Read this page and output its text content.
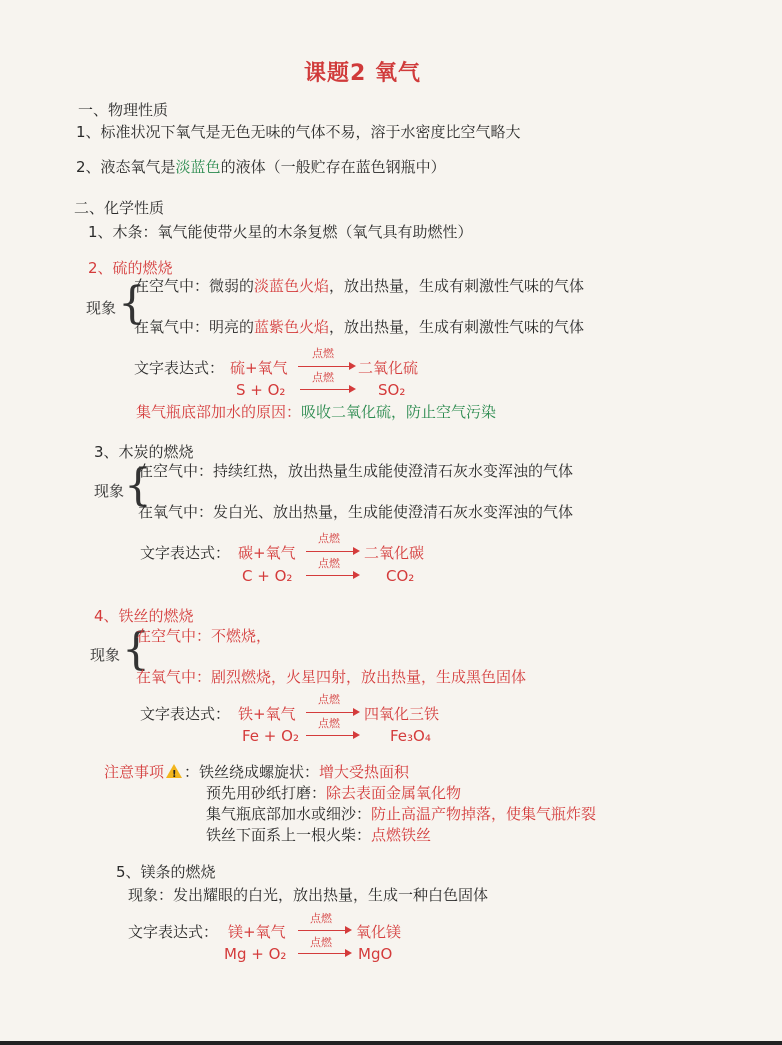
课题2 氧气
一、物理性质
1、标准状况下氧气是无色无味的气体不易，溶于水密度比空气略大
2、液态氧气是淡蓝色的液体（一般贮存在蓝色钢瓶中）
二、化学性质
1、木条：氧气能使带火星的木条复燃（氧气具有助燃性）
2、硫的燃烧
现象 {
在空气中：微弱的淡蓝色火焰，放出热量，生成有刺激性气味的气体
在氧气中：明亮的蓝紫色火焰，放出热量，生成有刺激性气味的气体
文字表达式： 硫+氧气
点燃
二氧化硫
S + O₂
点燃
SO₂
集气瓶底部加水的原因：吸收二氧化硫，防止空气污染
3、木炭的燃烧
现象 {
在空气中：持续红热，放出热量生成能使澄清石灰水变浑浊的气体
在氧气中：发白光、放出热量，生成能使澄清石灰水变浑浊的气体
文字表达式： 碳+氧气
点燃
二氧化碳
C + O₂
点燃
CO₂
4、铁丝的燃烧
现象 {
在空气中：不燃烧，
在氧气中：剧烈燃烧，火星四射，放出热量，生成黑色固体
文字表达式： 铁+氧气
点燃
四氧化三铁
Fe + O₂
点燃
Fe₃O₄
注意事项! ：铁丝绕成螺旋状：增大受热面积
预先用砂纸打磨：除去表面金属氧化物
集气瓶底部加水或细沙：防止高温产物掉落，使集气瓶炸裂
铁丝下面系上一根火柴：点燃铁丝
5、镁条的燃烧
现象：发出耀眼的白光，放出热量，生成一种白色固体
文字表达式： 镁+氧气
点燃
氧化镁
Mg + O₂
点燃
MgO
